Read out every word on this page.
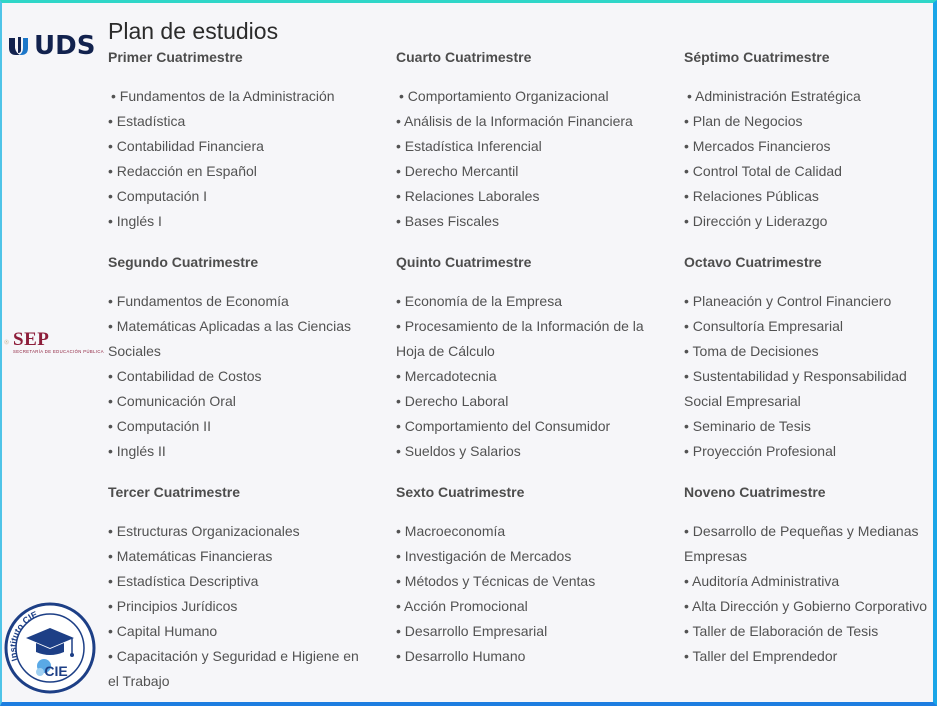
Plan de estudios
UDS
SEP
SECRETARÍA DE EDUCACIÓN PÚBLICA
Instituto CIE
CIE
Primer Cuatrimestre
• Fundamentos de la Administración
• Estadística
• Contabilidad Financiera
• Redacción en Español
• Computación I
• Inglés I
Segundo Cuatrimestre
• Fundamentos de Economía
• Matemáticas Aplicadas a las Ciencias Sociales
• Contabilidad de Costos
• Comunicación Oral
• Computación II
• Inglés II
Tercer Cuatrimestre
• Estructuras Organizacionales
• Matemáticas Financieras
• Estadística Descriptiva
• Principios Jurídicos
• Capital Humano
• Capacitación y Seguridad e Higiene en el Trabajo
Cuarto Cuatrimestre
• Comportamiento Organizacional
• Análisis de la Información Financiera
• Estadística Inferencial
• Derecho Mercantil
• Relaciones Laborales
• Bases Fiscales
Quinto Cuatrimestre
• Economía de la Empresa
• Procesamiento de la Información de la Hoja de Cálculo
• Mercadotecnia
• Derecho Laboral
• Comportamiento del Consumidor
• Sueldos y Salarios
Sexto Cuatrimestre
• Macroeconomía
• Investigación de Mercados
• Métodos y Técnicas de Ventas
• Acción Promocional
• Desarrollo Empresarial
• Desarrollo Humano
Séptimo Cuatrimestre
• Administración Estratégica
• Plan de Negocios
• Mercados Financieros
• Control Total de Calidad
• Relaciones Públicas
• Dirección y Liderazgo
Octavo Cuatrimestre
• Planeación y Control Financiero
• Consultoría Empresarial
• Toma de Decisiones
• Sustentabilidad y Responsabilidad Social Empresarial
• Seminario de Tesis
• Proyección Profesional
Noveno Cuatrimestre
• Desarrollo de Pequeñas y Medianas Empresas
• Auditoría Administrativa
• Alta Dirección y Gobierno Corporativo
• Taller de Elaboración de Tesis
• Taller del Emprendedor
